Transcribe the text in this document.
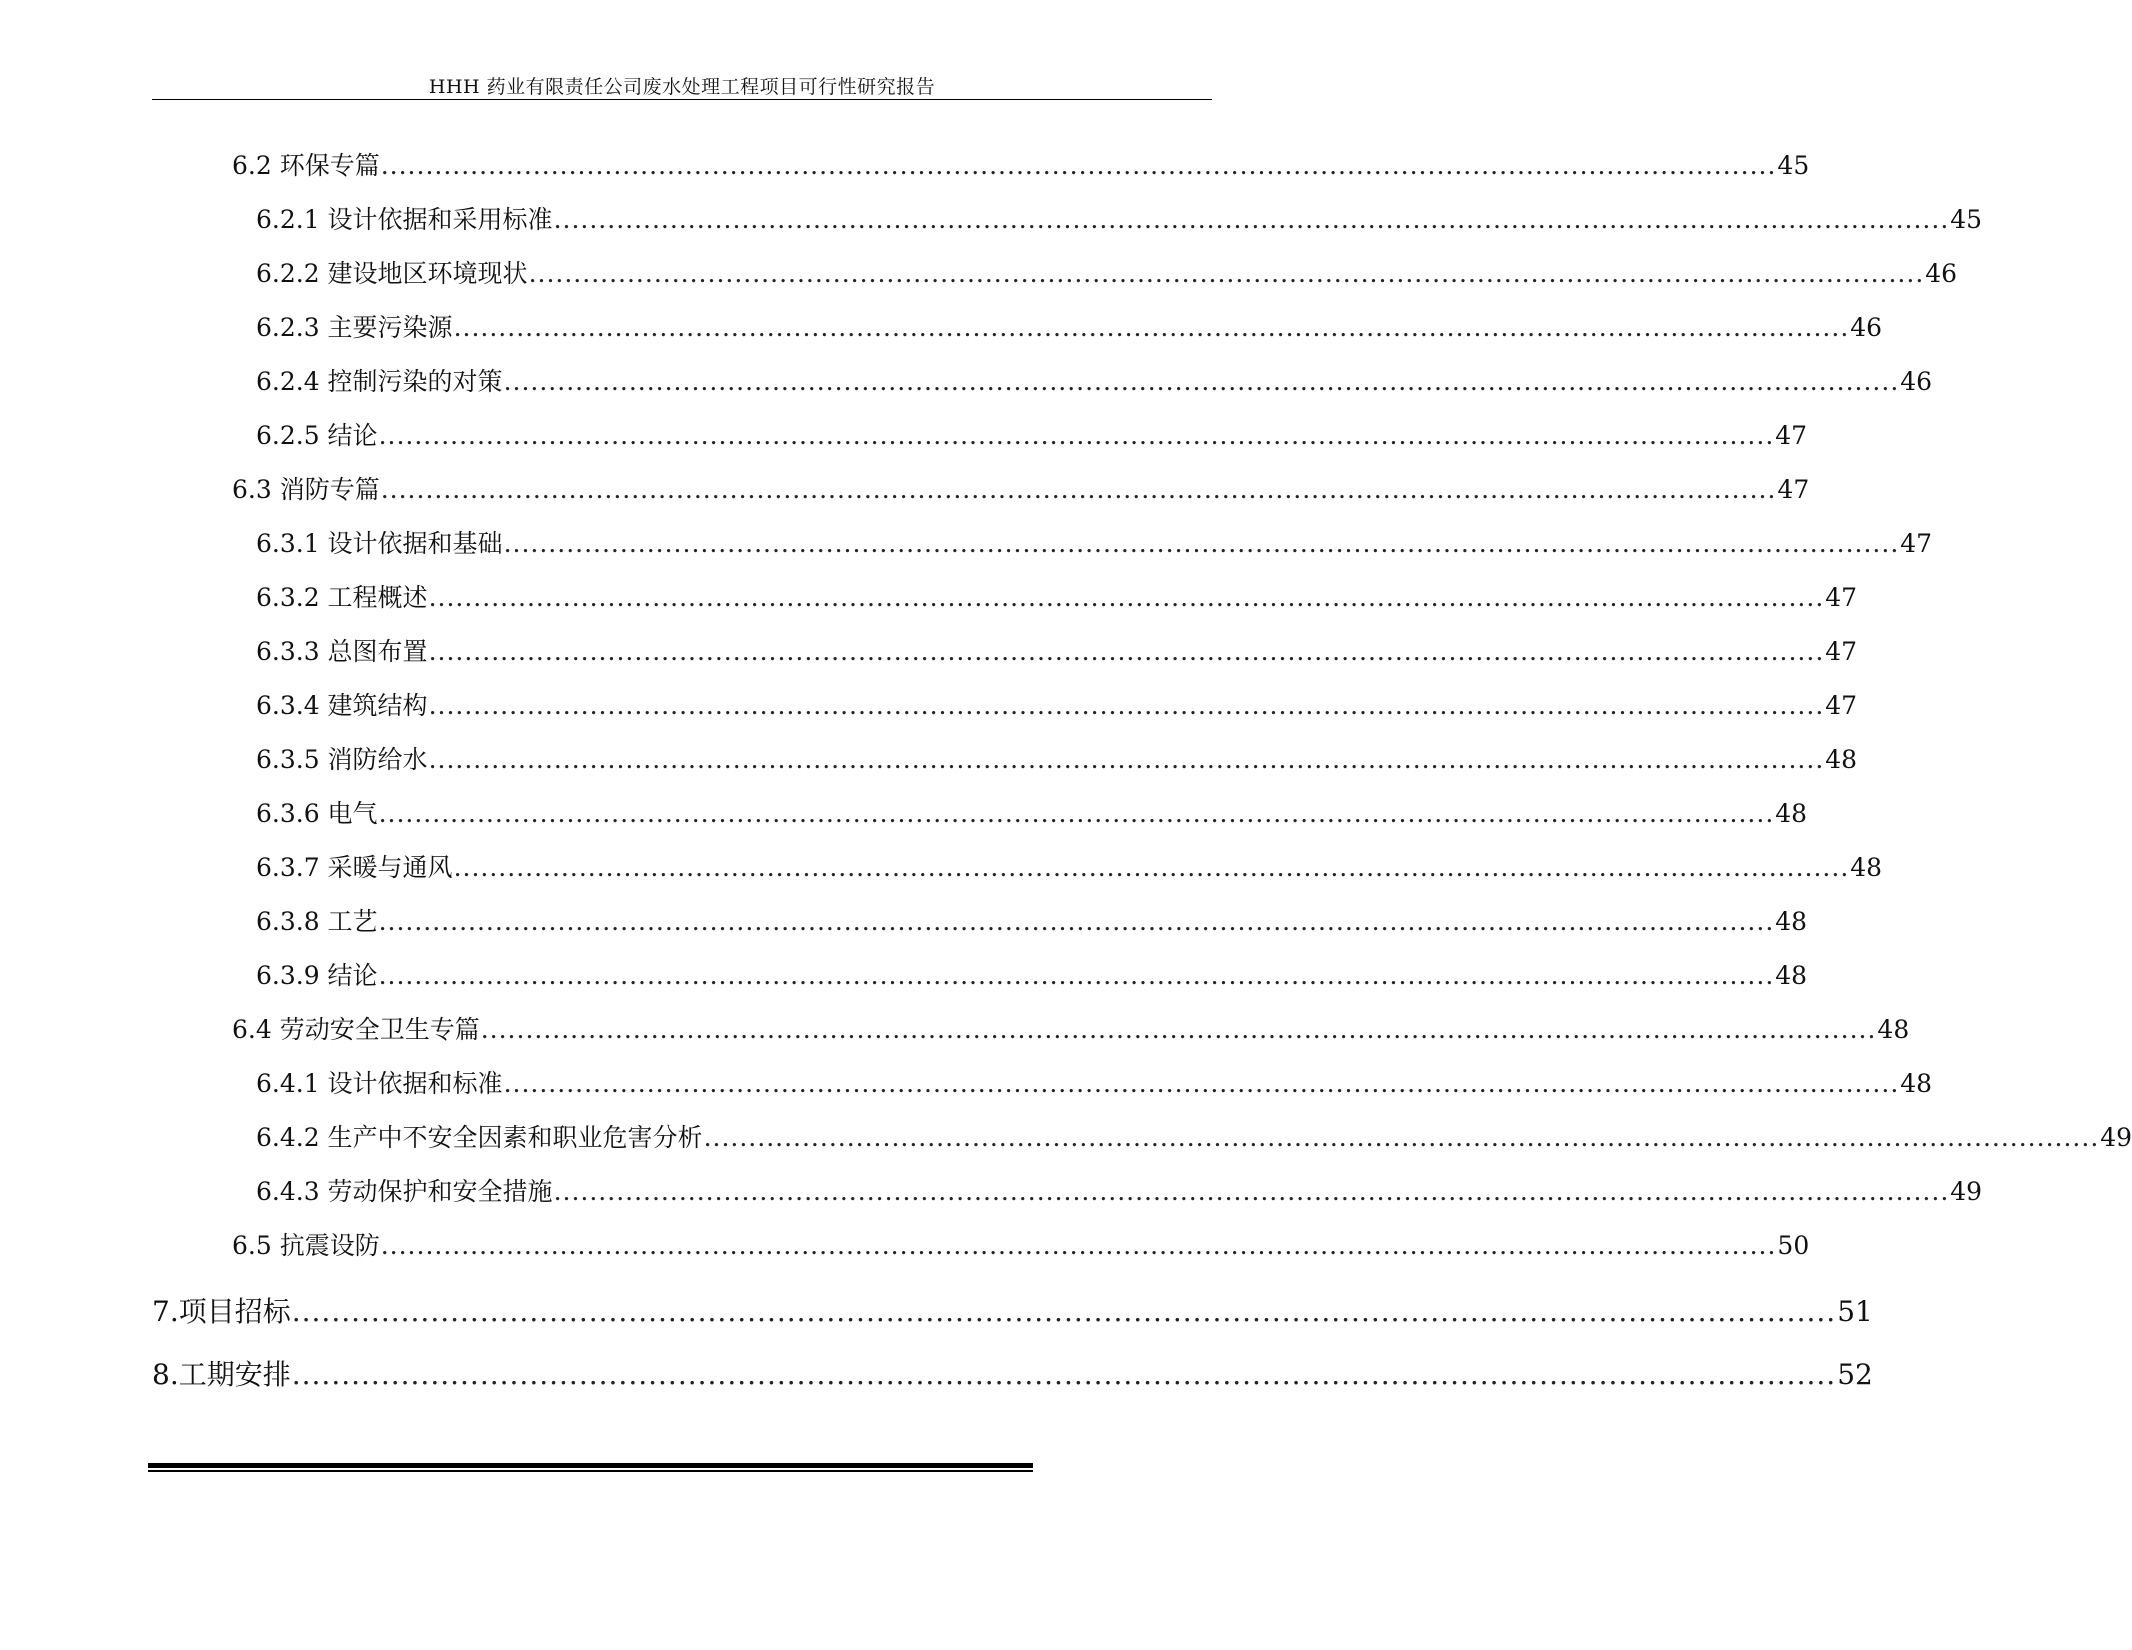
HHH 药业有限责任公司废水处理工程项目可行性研究报告
6.2 环保专篇 ............................................................................................................................................................ 45
6.2.1 设计依据和采用标准 ............................................................................................................................................................ 45
6.2.2 建设地区环境现状 ............................................................................................................................................................ 46
6.2.3 主要污染源 ............................................................................................................................................................ 46
6.2.4 控制污染的对策 ............................................................................................................................................................ 46
6.2.5 结论 ............................................................................................................................................................ 47
6.3 消防专篇 ............................................................................................................................................................ 47
6.3.1 设计依据和基础 ............................................................................................................................................................ 47
6.3.2 工程概述 ............................................................................................................................................................ 47
6.3.3 总图布置 ............................................................................................................................................................ 47
6.3.4 建筑结构 ............................................................................................................................................................ 47
6.3.5 消防给水 ............................................................................................................................................................ 48
6.3.6 电气 ............................................................................................................................................................ 48
6.3.7 采暖与通风 ............................................................................................................................................................ 48
6.3.8 工艺 ............................................................................................................................................................ 48
6.3.9 结论 ............................................................................................................................................................ 48
6.4 劳动安全卫生专篇 ............................................................................................................................................................ 48
6.4.1 设计依据和标准 ............................................................................................................................................................ 48
6.4.2 生产中不安全因素和职业危害分析 ............................................................................................................................................................ 49
6.4.3 劳动保护和安全措施 ............................................................................................................................................................ 49
6.5 抗震设防 ............................................................................................................................................................ 50
7.项目招标 ............................................................................................................................................................ 51
8.工期安排 ............................................................................................................................................................ 52
